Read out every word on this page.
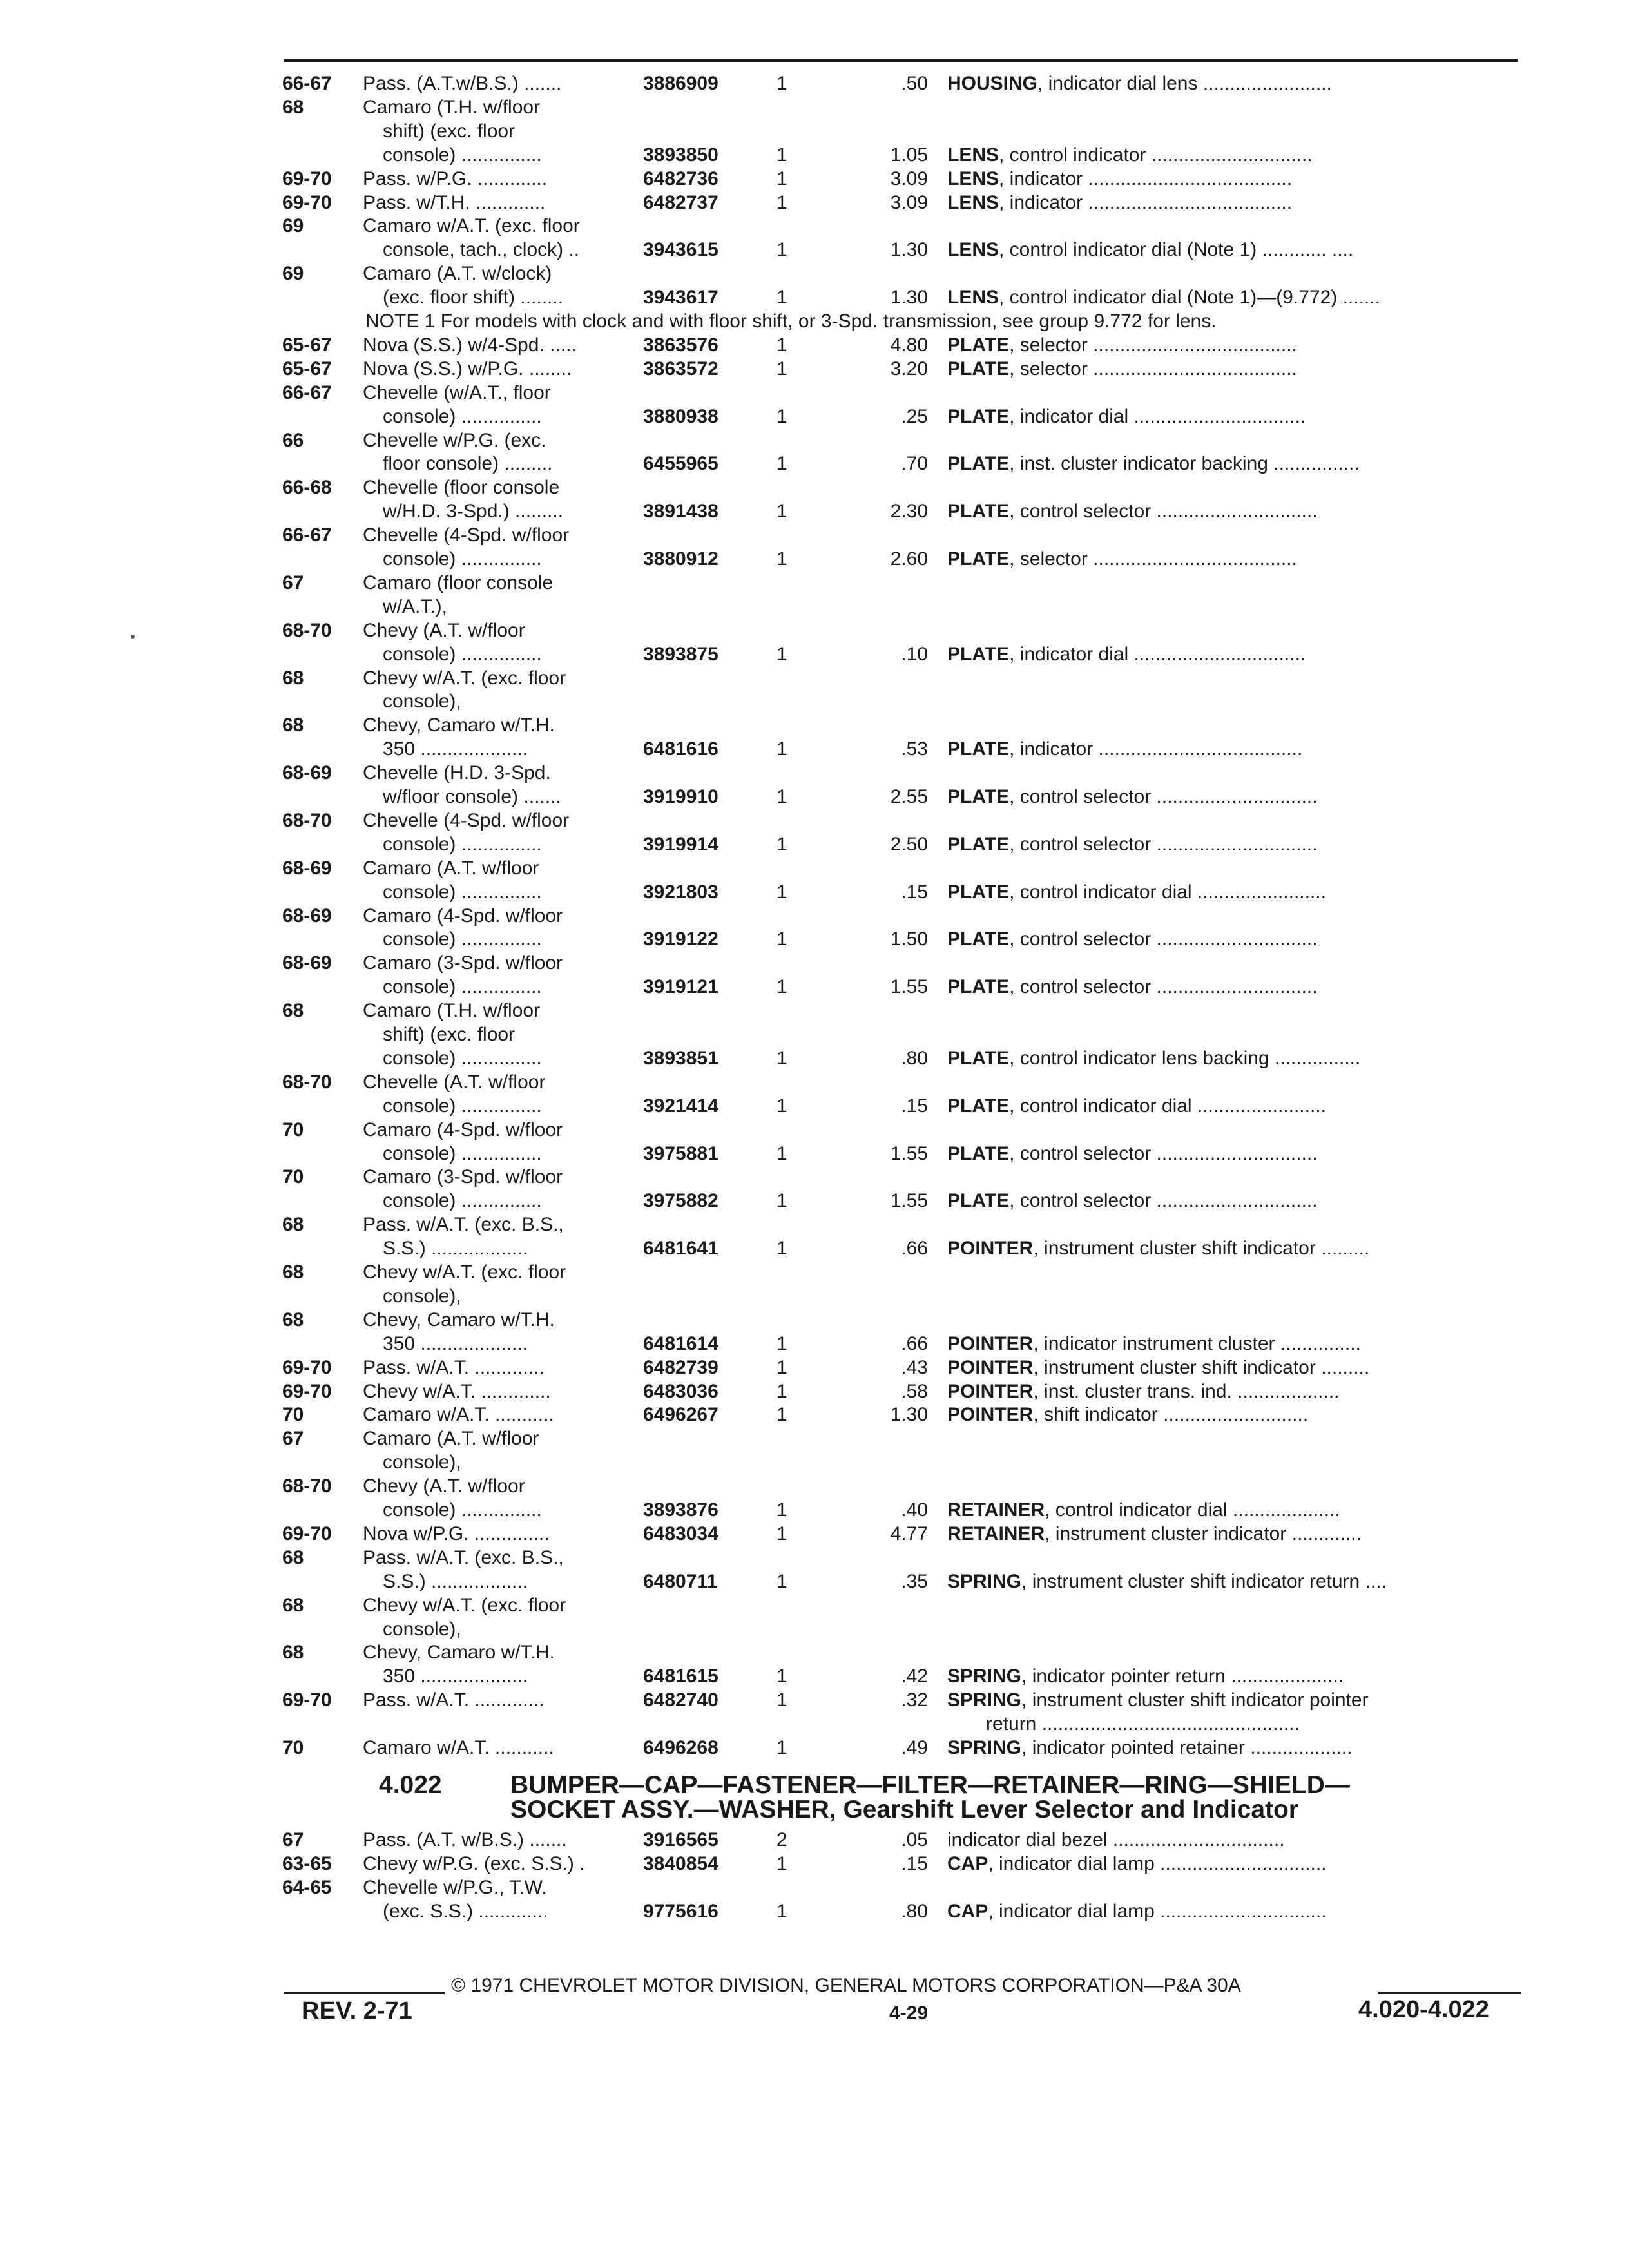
66-67 Pass. (A.T.w/B.S.) .......	3886909	1	.50 HOUSING, indicator dial lens ........................
68	Camaro (T.H. w/floor
shift) (exc. floor
console) ...............	3893850	1	1.05 LENS, control indicator ..............................
69-70 Pass. w/P.G. .............	6482736	1	3.09 LENS, indicator ......................................
69-70 Pass. w/T.H. .............	6482737	1	3.09 LENS, indicator ......................................
69	Camaro w/A.T. (exc. floor
console, tach., clock) ..	3943615	1	1.30 LENS, control indicator dial (Note 1) ............ ....
69	Camaro (A.T. w/clock)
(exc. floor shift) ........	3943617	1	1.30 LENS, control indicator dial (Note 1)—(9.772) .......
NOTE 1 For models with clock and with floor shift, or 3-Spd. transmission, see group 9.772 for lens.
65-67 Nova (S.S.) w/4-Spd. .....	3863576	1	4.80 PLATE, selector ......................................
65-67 Nova (S.S.) w/P.G. ........	3863572	1	3.20 PLATE, selector ......................................
66-67 Chevelle (w/A.T., floor
console) ...............	3880938	1	.25 PLATE, indicator dial ................................
66	Chevelle w/P.G. (exc.
floor console) .........	6455965	1	.70 PLATE, inst. cluster indicator backing ................
66-68 Chevelle (floor console
w/H.D. 3-Spd.) .........	3891438	1	2.30 PLATE, control selector ..............................
66-67 Chevelle (4-Spd. w/floor
console) ...............	3880912	1	2.60 PLATE, selector ......................................
67	Camaro (floor console
w/A.T.),
68-70 Chevy (A.T. w/floor
console) ...............	3893875	1	.10 PLATE, indicator dial ................................
68	Chevy w/A.T. (exc. floor
console),
68	Chevy, Camaro w/T.H.
350 ....................	6481616	1	.53 PLATE, indicator ......................................
68-69 Chevelle (H.D. 3-Spd.
w/floor console) .......	3919910	1	2.55 PLATE, control selector ..............................
68-70 Chevelle (4-Spd. w/floor
console) ...............	3919914	1	2.50 PLATE, control selector ..............................
68-69 Camaro (A.T. w/floor
console) ...............	3921803	1	.15 PLATE, control indicator dial ........................
68-69 Camaro (4-Spd. w/floor
console) ...............	3919122	1	1.50 PLATE, control selector ..............................
68-69 Camaro (3-Spd. w/floor
console) ...............	3919121	1	1.55 PLATE, control selector ..............................
68	Camaro (T.H. w/floor
shift) (exc. floor
console) ...............	3893851	1	.80 PLATE, control indicator lens backing ................
68-70 Chevelle (A.T. w/floor
console) ...............	3921414	1	.15 PLATE, control indicator dial ........................
70	Camaro (4-Spd. w/floor
console) ...............	3975881	1	1.55 PLATE, control selector ..............................
70	Camaro (3-Spd. w/floor
console) ...............	3975882	1	1.55 PLATE, control selector ..............................
68	Pass. w/A.T. (exc. B.S.,
S.S.) ..................	6481641	1	.66 POINTER, instrument cluster shift indicator .........
68	Chevy w/A.T. (exc. floor
console),
68	Chevy, Camaro w/T.H.
350 ....................	6481614	1	.66 POINTER, indicator instrument cluster ...............
69-70 Pass. w/A.T. .............	6482739	1	.43 POINTER, instrument cluster shift indicator .........
69-70 Chevy w/A.T. .............	6483036	1	.58 POINTER, inst. cluster trans. ind. ...................
70	Camaro w/A.T. ...........	6496267	1	1.30 POINTER, shift indicator ...........................
67	Camaro (A.T. w/floor
console),
68-70 Chevy (A.T. w/floor
console) ...............	3893876	1	.40 RETAINER, control indicator dial ....................
69-70 Nova w/P.G. ..............	6483034	1	4.77 RETAINER, instrument cluster indicator .............
68	Pass. w/A.T. (exc. B.S.,
S.S.) ..................	6480711	1	.35 SPRING, instrument cluster shift indicator return ....
68	Chevy w/A.T. (exc. floor
console),
68	Chevy, Camaro w/T.H.
350 ....................	6481615	1	.42 SPRING, indicator pointer return .....................
69-70 Pass. w/A.T. .............	6482740	1	.32 SPRING, instrument cluster shift indicator pointer
return ................................................
70	Camaro w/A.T. ...........	6496268	1	.49 SPRING, indicator pointed retainer ...................
4.022	BUMPER—CAP—FASTENER—FILTER—RETAINER—RING—SHIELD—
SOCKET ASSY.—WASHER, Gearshift Lever Selector and Indicator
67	Pass. (A.T. w/B.S.) .......	3916565	2	.05 indicator dial bezel ................................
63-65 Chevy w/P.G. (exc. S.S.) .	3840854	1	.15 CAP, indicator dial lamp ...............................
64-65 Chevelle w/P.G., T.W.
(exc. S.S.) .............	9775616	1	.80 CAP, indicator dial lamp ...............................
© 1971 CHEVROLET MOTOR DIVISION, GENERAL MOTORS CORPORATION—P&A 30A
REV. 2-71	4-29	4.020-4.022
